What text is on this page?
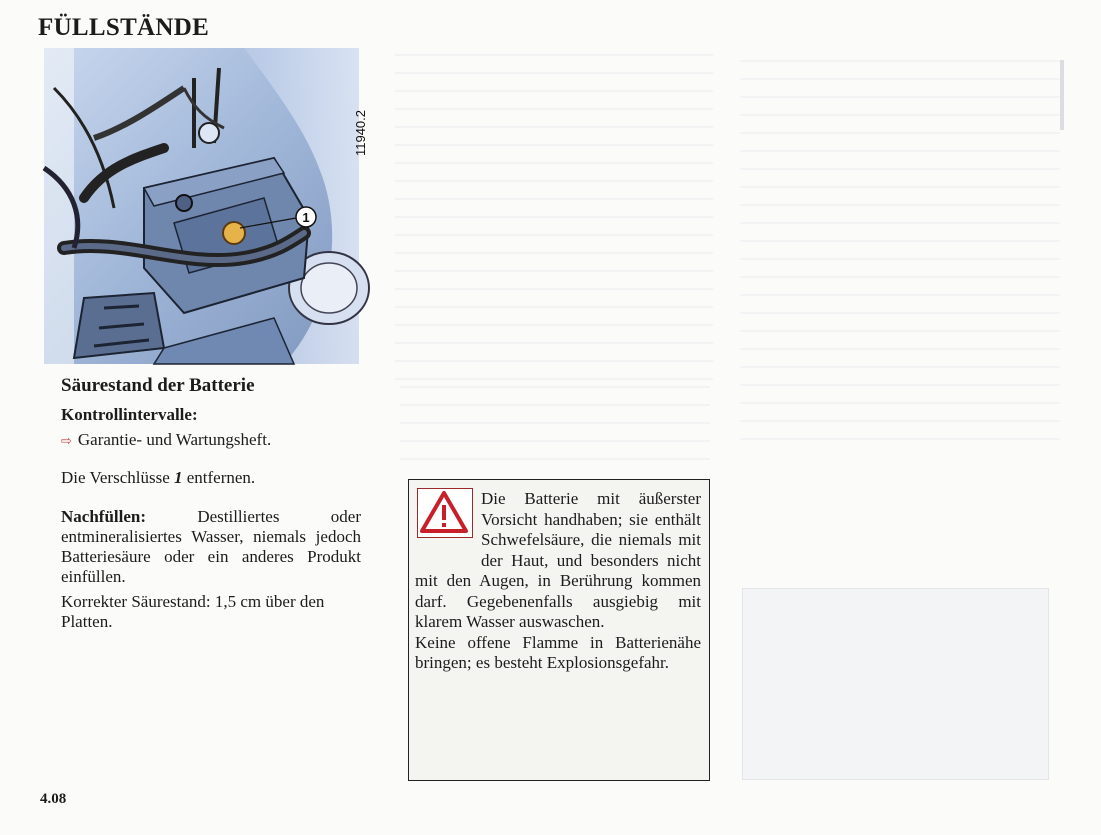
FÜLLSTÄNDE
1
11940.2
Säurestand der Batterie
Kontrollintervalle:
⇨ Garantie- und Wartungsheft.
Die Verschlüsse 1 entfernen.
Nachfüllen: Destilliertes oder entmineralisiertes Wasser, niemals jedoch Batteriesäure oder ein anderes Produkt einfüllen.
Korrekter Säurestand: 1,5 cm über den Platten.
Die Batterie mit äußerster Vorsicht handhaben; sie enthält Schwefelsäure, die niemals mit der Haut, und besonders nicht mit den Augen, in Berührung kommen darf. Gegebenenfalls ausgiebig mit klarem Wasser auswaschen.
Keine offene Flamme in Batterienähe bringen; es besteht Explosionsgefahr.
4.08
